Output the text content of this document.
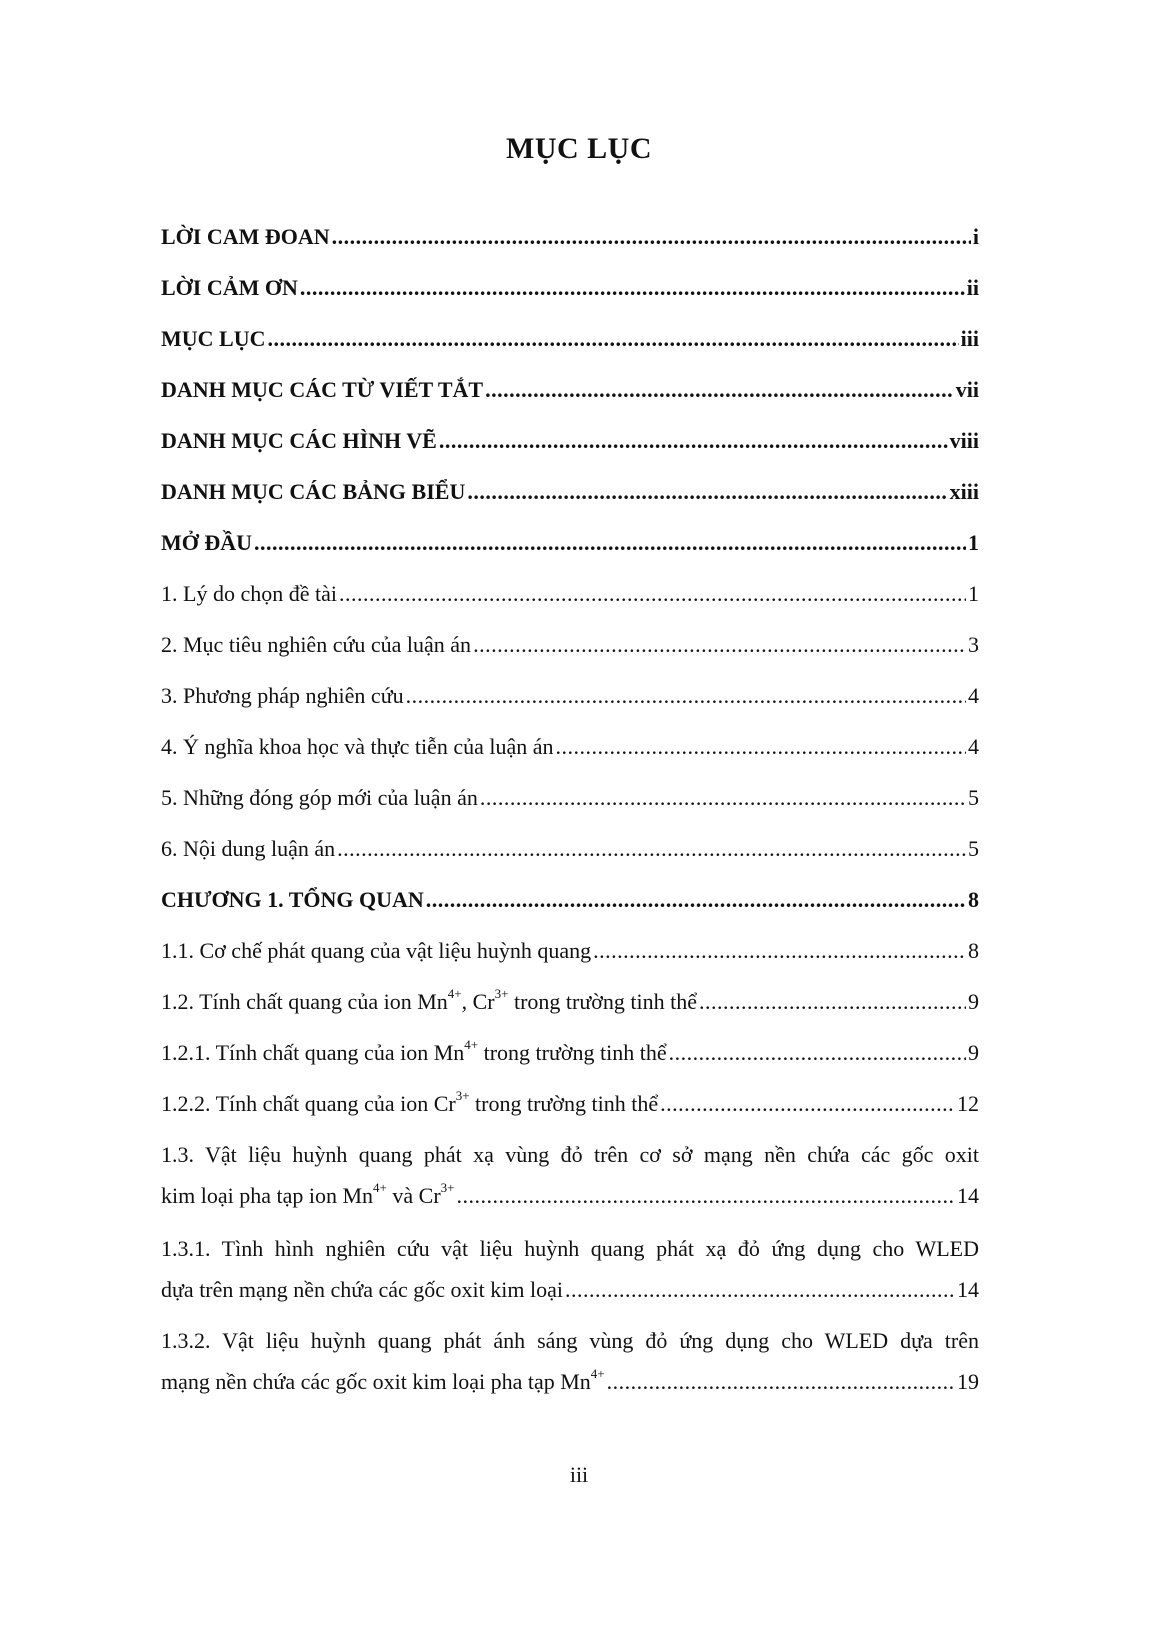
MỤC LỤC
LỜI CAM ĐOAN .....	i
LỜI CẢM ƠN .....	ii
MỤC LỤC .....	iii
DANH MỤC CÁC TỪ VIẾT TẮT .....	vii
DANH MỤC CÁC HÌNH VẼ .....	viii
DANH MỤC CÁC BẢNG BIỂU .....	xiii
MỞ ĐẦU .....	1
1. Lý do chọn đề tài .....	1
2. Mục tiêu nghiên cứu của luận án .....	3
3. Phương pháp nghiên cứu .....	4
4. Ý nghĩa khoa học và thực tiễn của luận án .....	4
5. Những đóng góp mới của luận án .....	5
6. Nội dung luận án .....	5
CHƯƠNG 1. TỔNG QUAN .....	8
1.1. Cơ chế phát quang của vật liệu huỳnh quang .....	8
1.2. Tính chất quang của ion $Mn^{4+}$, $Cr^{3+}$ trong trường tinh thể .....	9
1.2.1. Tính chất quang của ion $Mn^{4+}$ trong trường tinh thể .....	9
1.2.2. Tính chất quang của ion $Cr^{3+}$ trong trường tinh thể .....	12
1.3. Vật liệu huỳnh quang phát xạ vùng đỏ trên cơ sở mạng nền chứa các gốc oxit
kim loại pha tạp ion $Mn^{4+}$ và $Cr^{3+}$ .....	14
1.3.1. Tình hình nghiên cứu vật liệu huỳnh quang phát xạ đỏ ứng dụng cho WLED
dựa trên mạng nền chứa các gốc oxit kim loại .....	14
1.3.2. Vật liệu huỳnh quang phát ánh sáng vùng đỏ ứng dụng cho WLED dựa trên
mạng nền chứa các gốc oxit kim loại pha tạp $Mn^{4+}$ .....	19
iii
